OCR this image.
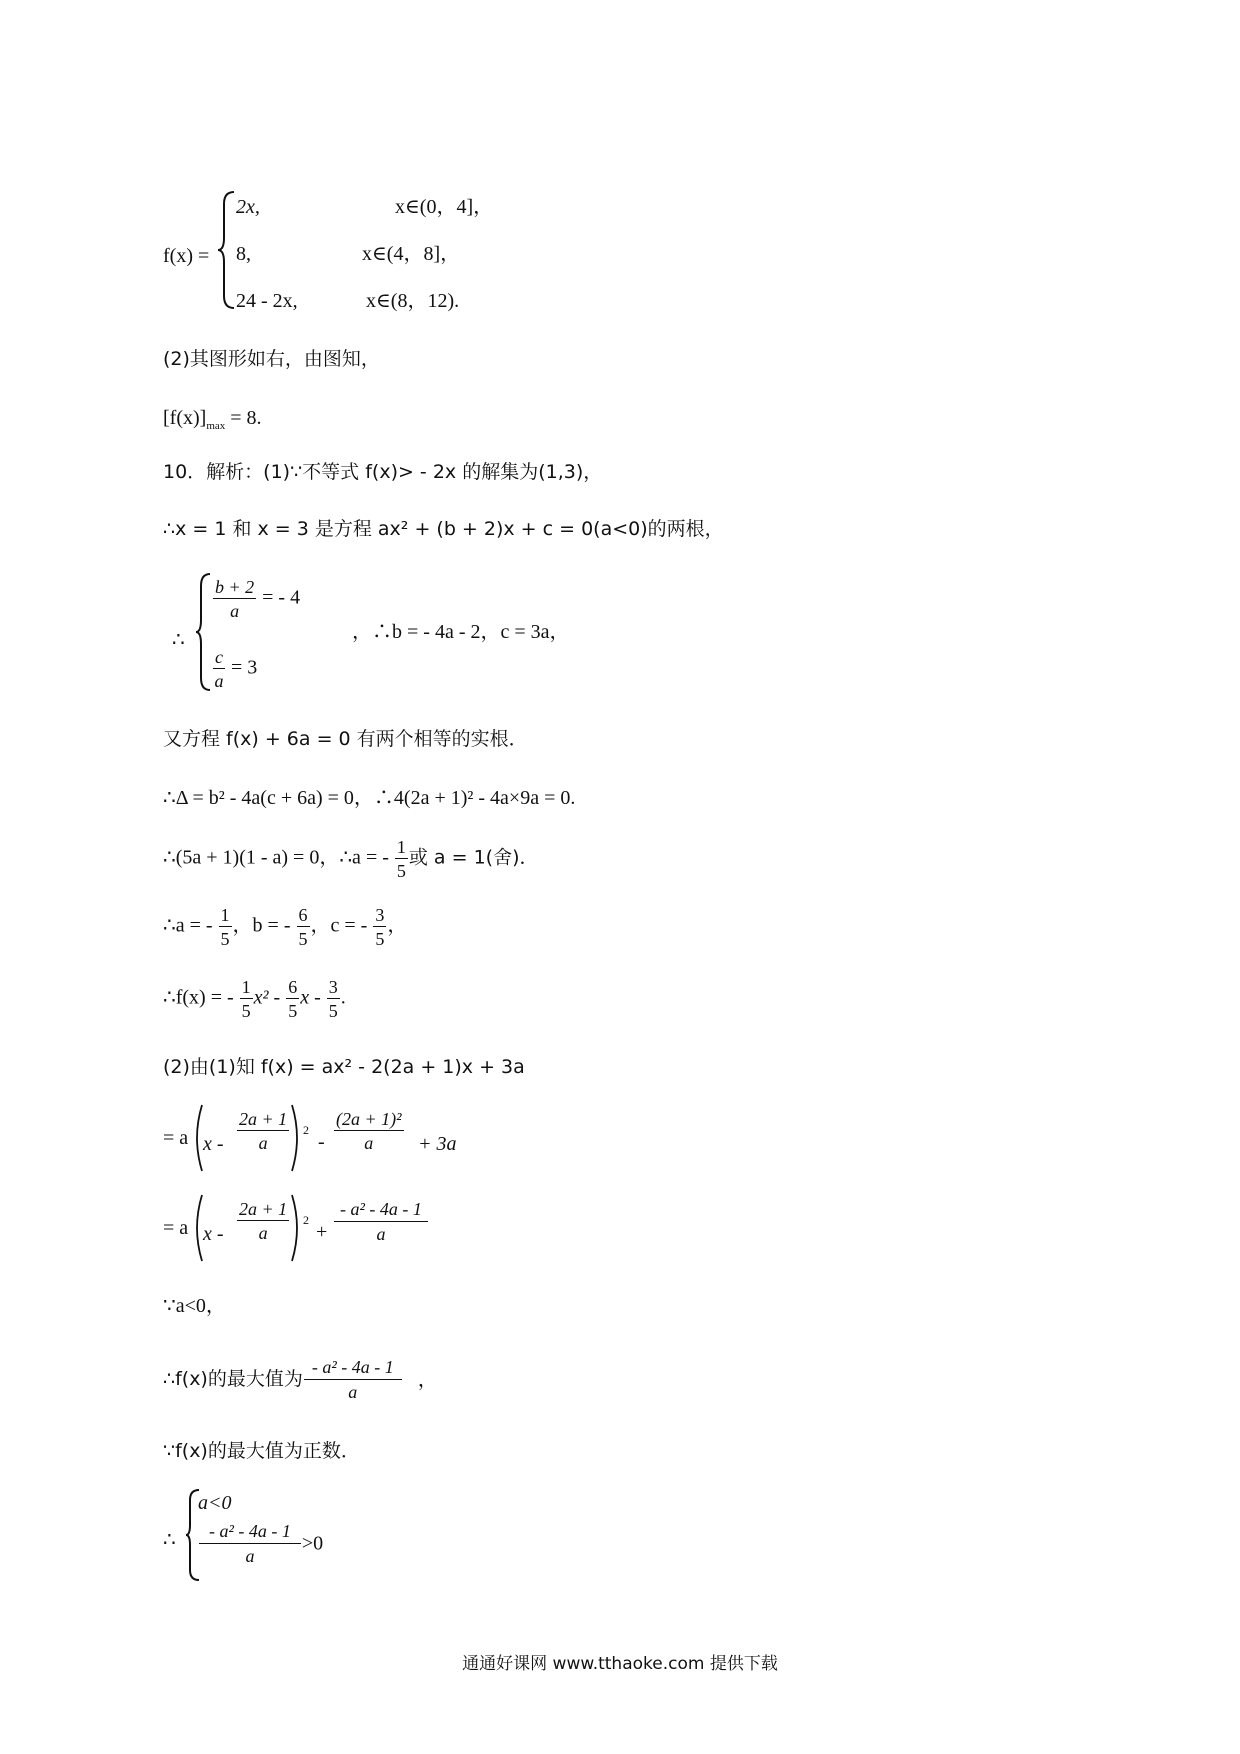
f(x) =
2x,	x∈(0，4]，
8,	x∈(4，8]，
24 - 2x,	x∈(8，12).
(2)其图形如右，由图知，
$[f(x)]_{max} = 8$.
10．解析：(1)∵不等式 f(x)> - 2x 的解集为(1,3)，
∴x = 1 和 x = 3 是方程 ax² + (b + 2)x + c = 0(a<0)的两根，
∴
$\frac{b + 2}{a}$ = - 4
$\frac{c}{a} = 3$
，∴b = - 4a - 2，c = 3a，
又方程 f(x) + 6a = 0 有两个相等的实根．
∴Δ = b² - 4a(c + 6a) = 0，∴4(2a + 1)² - 4a×9a = 0.
∴(5a + 1)(1 - a) = 0，∴a = - $\frac{1}{5}$ 或 a = 1(舍)．
∴a = - $\frac{1}{5}$ ，b = - $\frac{6}{5}$ ，c = - $\frac{3}{5}$ ，
∴f(x) = - $\frac{1}{5} x^2 - \frac{6}{5}$ x - $\frac{3}{5}$ .
(2)由(1)知 f(x) = ax² - 2(2a + 1)x + 3a
= a x - $\frac{2a + 1}{a} 2$
- $\frac{\text{(2a + 1)²}}{a} + 3a$
= a x - $\frac{2a + 1}{a} 2$
+ $\frac{\text{- a² - 4a - 1}}{a}$
∵a<0，
∴f(x)的最大值为 $\frac{\text{- a² - 4a - 1}}{a}$ ，
∵f(x)的最大值为正数．
∴
a<0
$\frac{\text{- a² - 4a - 1}}{a} >0$
通通好课网 www.tthaoke.com 提供下载
